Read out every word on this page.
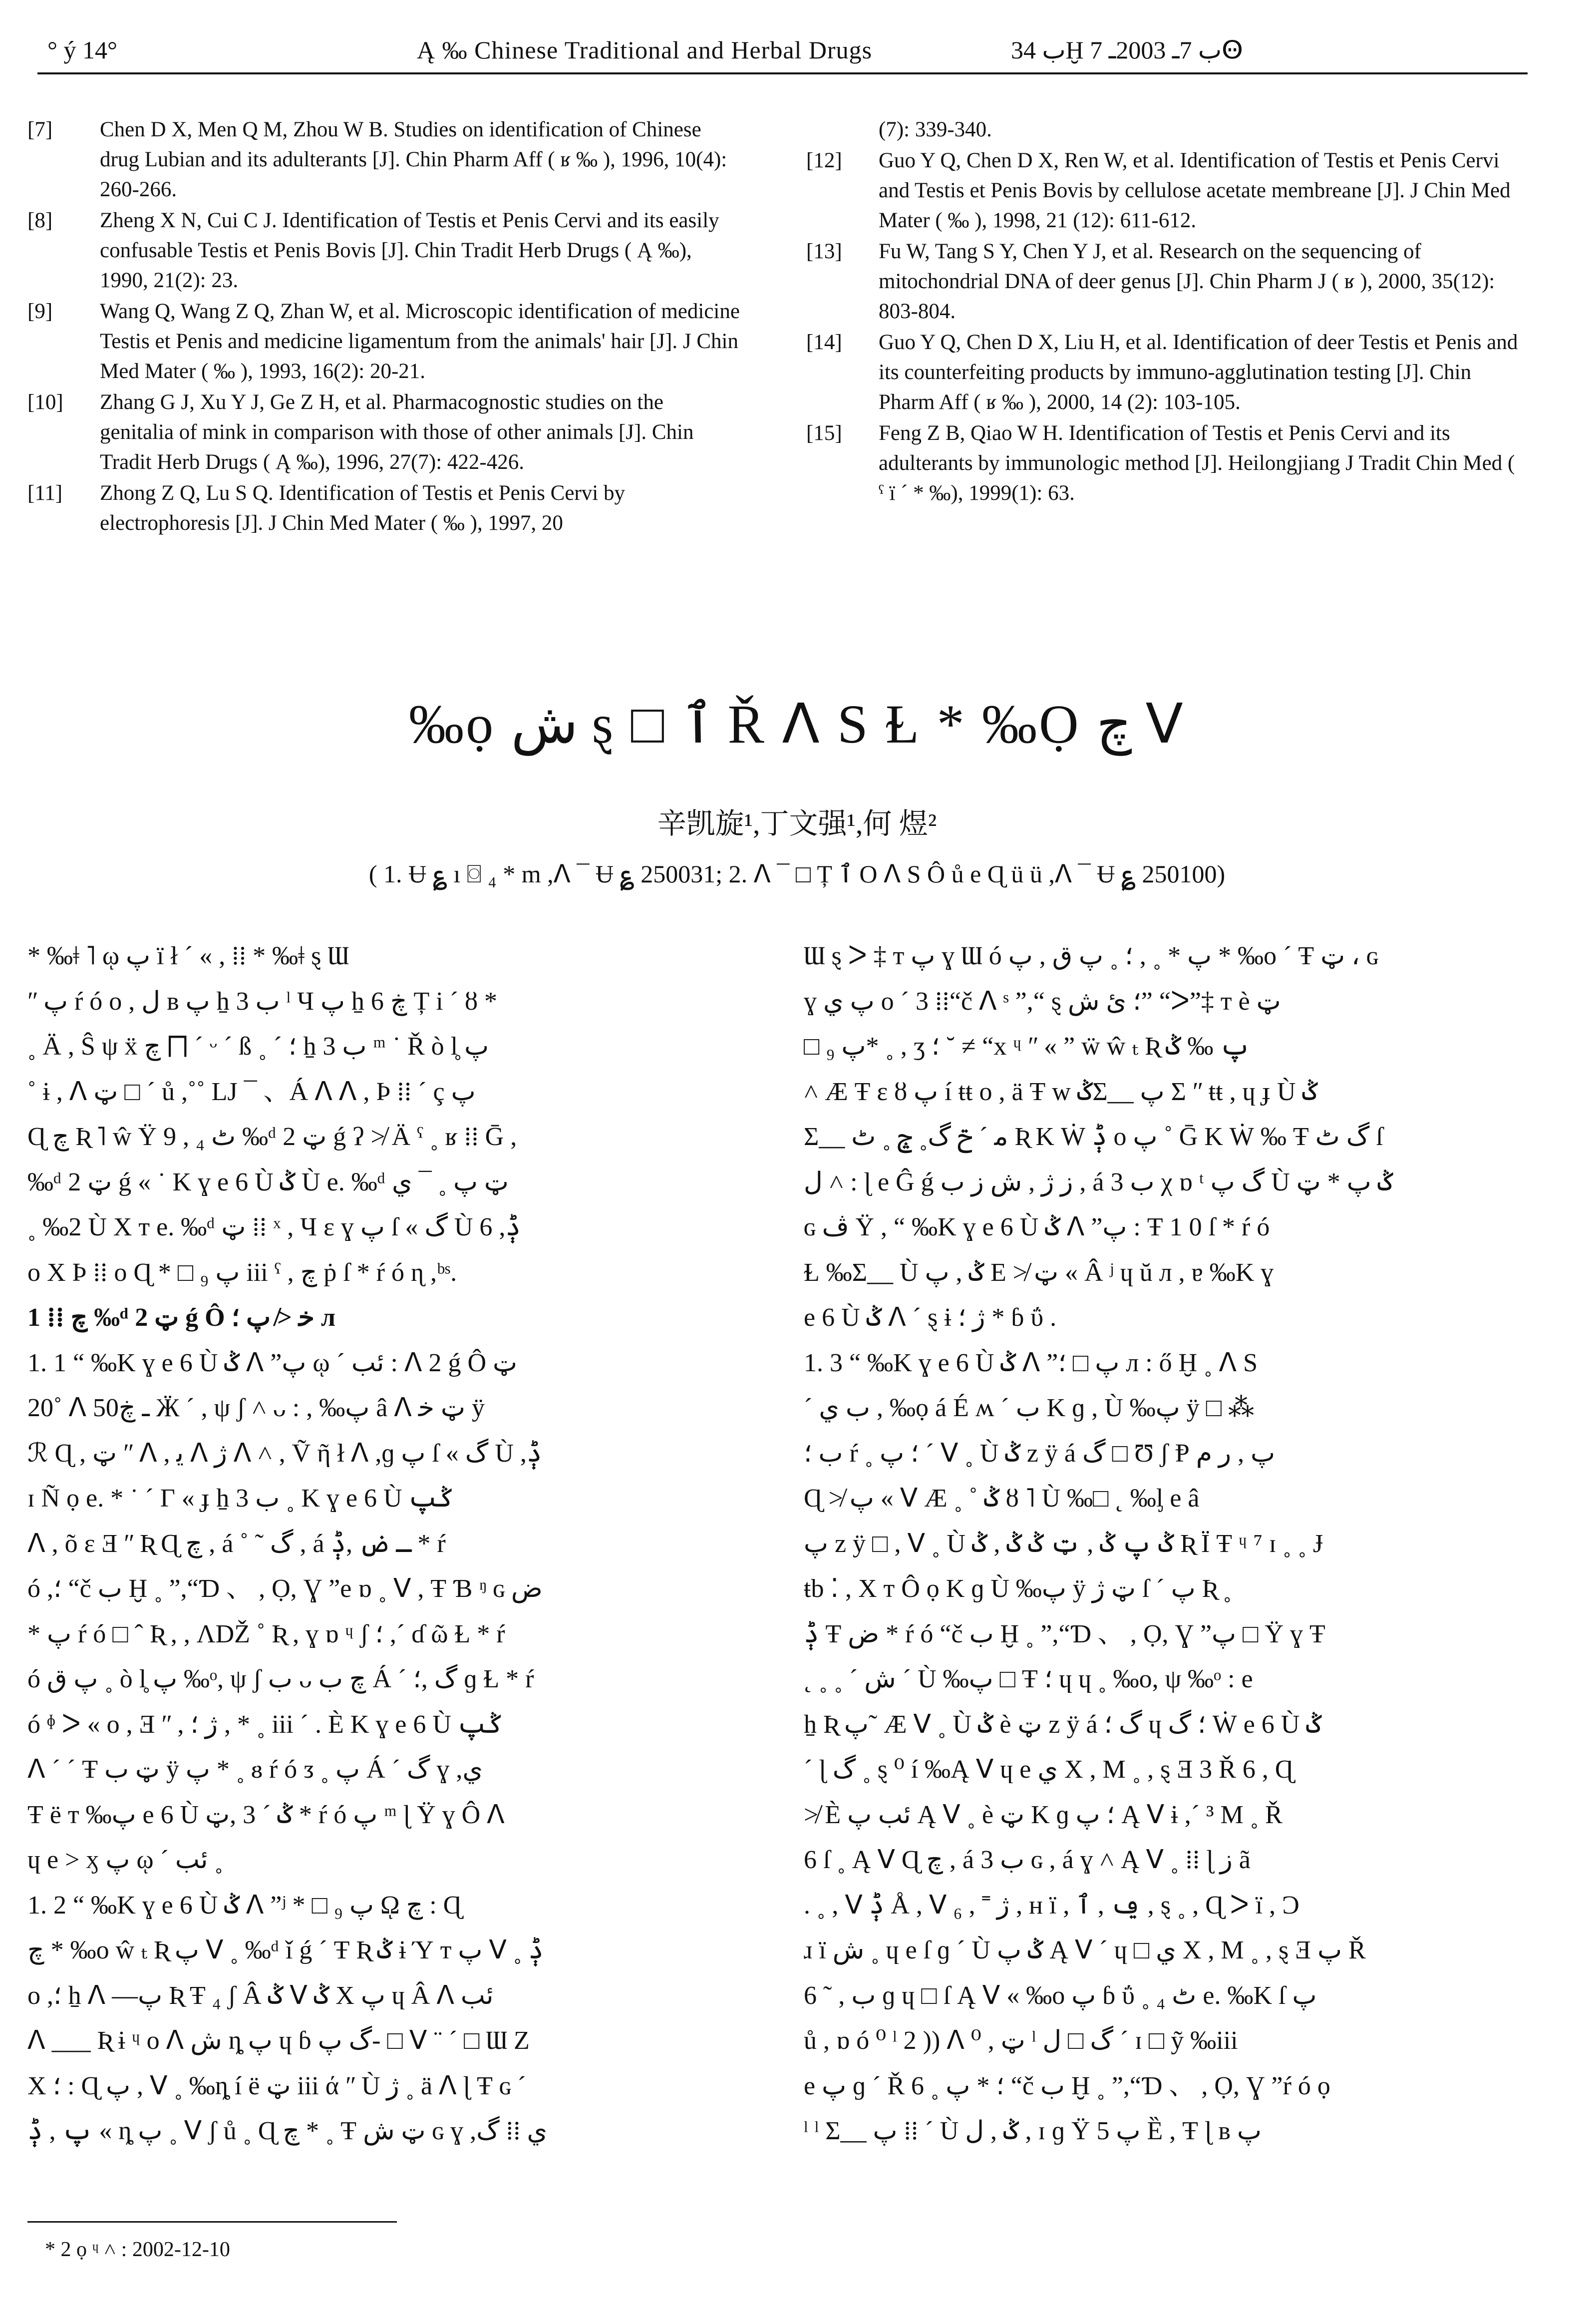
° ý 14°	Ą ‰ Chinese Traditional and Herbal Drugs	ب 34Ḫ ب 7ـ 2003ـ 7Ꙫ
[7]	Chen D X, Men Q M, Zhou W B. Studies on identification of Chinese drug Lubian and its adulterants [J]. Chin Pharm Aff ( ʁ ‰ ), 1996, 10(4): 260-266.
[8]	Zheng X N, Cui C J. Identification of Testis et Penis Cervi and its easily confusable Testis et Penis Bovis [J]. Chin Tradit Herb Drugs ( Ą ‰), 1990, 21(2): 23.
[9]	Wang Q, Wang Z Q, Zhan W, et al. Microscopic identification of medicine Testis et Penis and medicine ligamentum from the animals' hair [J]. J Chin Med Mater ( ‰ ), 1993, 16(2): 20-21.
[10]	Zhang G J, Xu Y J, Ge Z H, et al. Pharmacognostic studies on the genitalia of mink in comparison with those of other animals [J]. Chin Tradit Herb Drugs ( Ą ‰), 1996, 27(7): 422-426.
[11]	Zhong Z Q, Lu S Q. Identification of Testis et Penis Cervi by electrophoresis [J]. J Chin Med Mater ( ‰ ), 1997, 20
(7): 339-340.
[12]	Guo Y Q, Chen D X, Ren W, et al. Identification of Testis et Penis Cervi and Testis et Penis Bovis by cellulose acetate membreane [J]. J Chin Med Mater ( ‰ ), 1998, 21 (12): 611-612.
[13]	Fu W, Tang S Y, Chen Y J, et al. Research on the sequencing of mitochondrial DNA of deer genus [J]. Chin Pharm J ( ʁ ), 2000, 35(12): 803-804.
[14]	Guo Y Q, Chen D X, Liu H, et al. Identification of deer Testis et Penis and its counterfeiting products by immuno-agglutination testing [J]. Chin Pharm Aff ( ʁ ‰ ), 2000, 14 (2): 103-105.
[15]	Feng Z B, Qiao W H. Identification of Testis et Penis Cervi and its adulterants by immunologic method [J]. Heilongjiang J Tradit Chin Med ( ˤ ï ˊ * ‰), 1999(1): 63.
‰ọ ش ȿ □ ٱ Ř ᐱ S Ɫ * ‰Ọ چ ᐯ
辛凯旋¹,丁文强¹,何 煜²
( 1. Ʉ ؏ ı ⌼ ₄ * m ,ᐱ ¯ Ʉ ؏ 250031; 2. ᐱ ¯ □ Ț ٱ O ᐱ S Ô ů e Ɋ ü ü ,ᐱ ¯ Ʉ ؏ 250100)

* ‰ǂ ˥ ῳ پ ï ł ˊ « , ⁞⁞ * ‰ǂ ȿ Ɯ

ʺ پ ŕ ó o , ل ʙ پ ẖ 3 ب ˡ Ч پ ẖ 6 ڿ Ț i ˊ ȣ *

˳ Ä , Ŝ ψ ẍ چ ⨅ ˊ ᵕ ˊ ß ˳ ˊ ؛ ẖ 3 ب ᵐ ˙ Ř ò l̥ پ

˚ ɨ , ᐱ ټ □ ˊ ů ,˚˚ LJ ¯ 、Á ᐱ ᐱ , Þ ⁞⁞ ˊ ç پ

Ɋ چ Ʀ ˥ ŵ Ÿ 9 , ₄ ٹ ‰ᵈ ټ 2 ǵ ʔ ≯ Ä ˤ ˳ ʁ ⁞⁞ Ḡ ,

‰ᵈ ټ 2 ǵ « ˙ K ɣ e 6 Ù ݣ Ù e. ‰ᵈ ټ پ ˳ ¯ ي

˳ ‰2 Ù X т e. ‰ᵈ ټ ⁞⁞ ˣ , Ч ɛ ɣ پ ſ « گ Ù 6 ,ݙ

o X Þ ⁞⁞ o Ɋ * □ ₉ پ iii ˤ , چ ṗ ſ * ŕ ó ɳ ,ᵇˢ.

1 ⁞⁞ چ ‰ᵈ ټ 2 ǵ Ô ﺧ ≯ پ ؛ л

1. 1 “ ‰K ɣ e 6 Ù ݣ ᐱ ”پ ῳ ˊ ئب : ᐱ 2 ǵ Ô ټ

20˚ ᐱ 50ـ ڿ Ӝ ˊ , ψ ʃ ˄ ᴗ : , ‰پ â ᐱ ټ ﺧ ÿ

ℛ Ɋ , ټ ʺ ᐱ , ﯾ ᐱ ﮊ ᐱ ˄ , Ṽ ῆ ł ᐱ ,ɡ پ ſ « گ Ù ,ݙ

ɪ Ñ ọ e. * ˙ ˊ Γ « ɟ ẖ 3 ب ˳ K ɣ e 6 Ù ݣپ

ᐱ , õ ɛ Ǝ ʺ Ʀ Ɋ چ , á ˚ ˜ گ , á ـ ض ,ݙ * ŕ

ó ,؛ “č ب Ḫ ˳ ”,“Ɗ 、 , Ọ, Ɣ ”e ɒ ˳ ᐯ , Ŧ Ɓ ᵑ ɢ ض

* پ ŕ ó □ ˆ Ʀ , , ɅǄ ˚ Ʀ , ɣ ɒ ᶣ ʃ ؛ ,ˊ ɗ ῶ Ɫ * ŕ

ó پ ق ˳ ò l̥ پ ‰ᵒ, ψ ʃ ب ᴗ چ ب Á ˊ گ ,؛ ɡ Ɫ * ŕ

ó ᶲ ᐳ « o , Ǝ ʺ , ﮊ ؛ , * ˳ iii ˊ . È K ɣ e 6 Ù ݣپ

ᐱ ˊ ˊ Ŧ ټ ب ÿ پ * ˳ ᴕ ŕ ó ᴣ ˳ پ Á ˊ گ ɣ ,ي

Ŧ ë т ‰پ e 6 Ù ݣ ˊ 3 ,ټ * ŕ ó پ ᵐ ɭ Ÿ ɣ Ô ᐱ

ɥ e > ӽ پ ῳ ˊ ئب ˳

1. 2 “ ‰K ɣ e 6 Ù ݣ ᐱ ”ʲ * □ ₉ پ ῼ چ : Ɋ

چ * ‰o ŵ ₜ Ʀ پ ᐯ ˳ ‰ᵈ ǐ ǵ ˊ Ŧ Ʀ ݣ ɨ Ύ т پ ᐯ ˳ ݙ

o ,؛ ẖ ᐱ —پ Ʀ Ŧ ₄ ʃ Â ݣ ᐯ ݣ X پ ɥ Â ᐱ ئب

ᐱ ___ Ʀ ɨ ᶣ o ᐱ ش ȵ پ ɥ ɓ گ پ- □ ᐯ ¨ ˊ □ Ɯ Ζ

X ؛ : Ɋ پ , ᐯ ˳ ‰ȵ í ë ټ iii ά ʺ Ù ﮊ ˳ ä ᐱ ɭ Ŧ ɢ ˊ

پ , ݙ « ȵ پ ˳ ᐯ ʃ ů ˳ Ɋ چ * ˳ Ŧ ټ ش ɢ ɣ ,ي ⁞⁞ گ

Ɯ ȿ ᐳ ‡ т پ ɣ Ɯ ó پ * ˳ , ؛ ˳ پ ق , پ * ‰o ˊ Ŧ ټ ، ɢ

ɣ پ ي o ˊ 3 ⁞⁞“č ᐱ ˢ ”,“ ȿ ؛ ئ ش” “ᐳ”‡ т è ټ

□ ₉ پ* ˳ , ʒ ؛ ˘ ≠ “x ᶣ ʺ « ” ẅ ŵ ₜ Ʀ پ ‰ ݣ

˄ Æ Ŧ ɛ ȣ پ í ŧŧ o , ä Ŧ w ݣΣ__ پ Σ ʺ ŧŧ , ɥ ɟ Ù ݣ

Σ__ ﻣ ˊ ݗ گ˳ ݘ ˳ ٹ Ʀ K Ẇ ݙ o پ ˚ Ḡ K Ẇ ‰ Ŧ گ ٹ ſ

ل ˄ : ɭ e Ĝ ǵ ز ﮊ , ش ز ب , á 3 ب χ ɒ ᵗ گ پ Ù ݣ پ * ټ

ɢ ڤ Ÿ , “ ‰K ɣ e 6 Ù ݣ ᐱ ”پ : Ŧ 1 0 ſ * ŕ ó

Ɫ ‰Σ__ Ù ݣ , پ E ≯ ټ « Â ʲ ɥ ŭ л , ɐ ‰K ɣ

e 6 Ù ݣ ᐱ ˊ ȿ ɨ ﮊ ؛ * ɓ ΰ .

1. 3 “ ‰K ɣ e 6 Ù ݣ ᐱ ”پ □ ؛ л : ő Ḫ ˳ ᐱ S

ˊ ب ي , ‰ọ á É ʍ ˊ ب K ɡ , Ù ‰پ ÿ □ ⁂

ب ؛ ŕ ˳ ؛ پ ˊ ᐯ ˳ Ù ݣ z ÿ á گ □ Ʊ ʃ Ᵽ پ , ﺭ ﻡ

Ɋ ≯ پ « ᐯ Æ ˳ ˚ ݣ ȣ ˥ Ù ‰□ ˛ ‰ᶅ e â

پ z ÿ □ , ᐯ ˳ Ù ݣ پ ݣ , ټ ݣ ݣ , ݣ Ʀ Ï Ŧ ᶣ ⁷ ɪ ˳ ˳ Ɉ

ŧb ⁚ , X т Ô ọ K ɡ Ù ‰پ ÿ ټ ﮊ ſ ˊ پ Ʀ ˳

ݙ Ŧ ض * ŕ ó “č ب Ḫ ˳ ”,“Ɗ 、 , Ọ, Ɣ ”پ □ Ÿ ɣ Ŧ

˛ ˳ ˳ ˊ ش ˊ Ù ‰پ □ Ŧ ؛ ɥ ɥ ˳ ‰o, ψ ‰ᵒ : e

ẖ Ʀ پ˜ Æ ᐯ ˳ Ù ݣ è ټ z ÿ á گ ؛ ɥ ؛ گ Ẇ e 6 Ù ݣ

ˊ ɭ گ ˳ ȿ ⁰ í ‰Ą ᐯ ɥ e ي X , M ˳ , ȿ Ǝ 3 Ř 6 , Ɋ

≯ È ئب پ Ą ᐯ ˳ è ټ K ɡ ؛ پ Ą ᐯ ɨ ,ˊ ³ M ˳ Ř

6 ſ ˳ Ą ᐯ Ɋ چ , á 3 ب ɢ , á ɣ ˄ Ą ᐯ ˳ ⁞⁞ ɭ ز ã

. ˳ , ᐯ ݙ Å , ᐯ ₆ , ˭ ﮊ , ʜ ï , ݠ , ٱ , ȿ ˳ , Ɋ ᐳ ï , Ɔ

ɹ ï ش ˳ ɥ e ſ ɡ ˊ Ù ݣ پ Ą ᐯ ˊ ɥ □ ي X , M ˳ , ȿ Ǝ پ Ř

6 ˜ , ب ɡ ɥ □ ſ Ą ᐯ « ‰o پ ɓ ΰ ˳ ₄ ٹ e. ‰K ſ پ

ů , ɒ ó ⁰ ˡ 2 )) ᐱ ټ , ⁰ ˡ گ □ ل ˊ ɪ □ ỹ ‰iii

e پ ɡ ˊ Ř 6 ˳ ؛ * پ “č ب Ḫ ˳ ”,“Ɗ 、 , Ọ, Ɣ ”ŕ ó ọ

ˡ ˡ Σ__ پ ⁞⁞ ˊ Ù ݣ , ل , ɪ ɡ Ÿ پ 5 Ȅ , Ŧ ɭ ʙ پ

* 2 ọ ᶣ ˄ : 2002-12-10
